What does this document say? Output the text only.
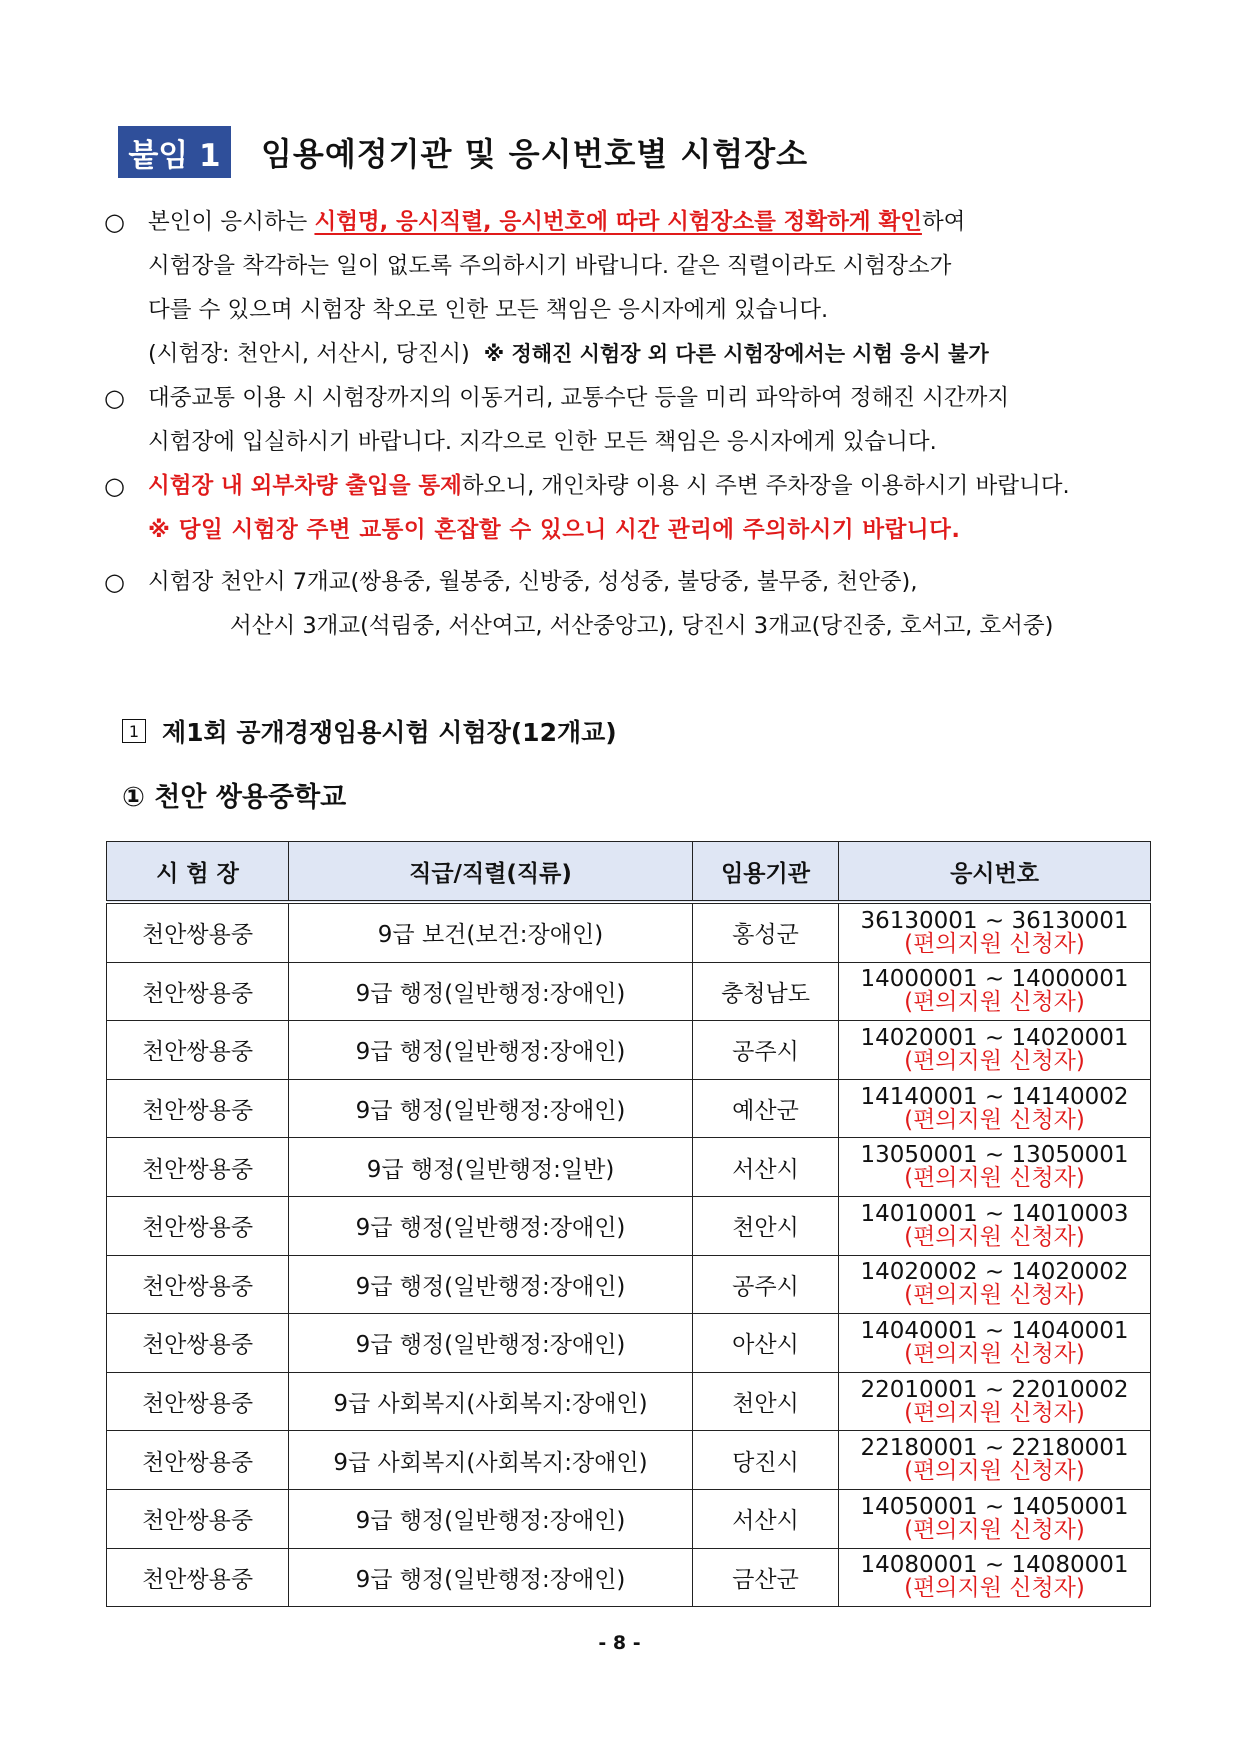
붙임 1	임용예정기관 및 응시번호별 시험장소
○ 본인이 응시하는 시험명, 응시직렬, 응시번호에 따라 시험장소를 정확하게 확인하여
시험장을 착각하는 일이 없도록 주의하시기 바랍니다. 같은 직렬이라도 시험장소가
다를 수 있으며 시험장 착오로 인한 모든 책임은 응시자에게 있습니다.
(시험장: 천안시, 서산시, 당진시) ※ 정해진 시험장 외 다른 시험장에서는 시험 응시 불가
○ 대중교통 이용 시 시험장까지의 이동거리, 교통수단 등을 미리 파악하여 정해진 시간까지
시험장에 입실하시기 바랍니다. 지각으로 인한 모든 책임은 응시자에게 있습니다.
○ 시험장 내 외부차량 출입을 통제하오니, 개인차량 이용 시 주변 주차장을 이용하시기 바랍니다.
※ 당일 시험장 주변 교통이 혼잡할 수 있으니 시간 관리에 주의하시기 바랍니다.
○ 시험장 천안시 7개교(쌍용중, 월봉중, 신방중, 성성중, 불당중, 불무중, 천안중),
서산시 3개교(석림중, 서산여고, 서산중앙고), 당진시 3개교(당진중, 호서고, 호서중)
1 제1회 공개경쟁임용시험 시험장(12개교)
① 천안 쌍용중학교
시 험 장	직급/직렬(직류)	임용기관	응시번호
천안쌍용중	9급 보건(보건:장애인)	홍성군	36130001 ~ 36130001
(편의지원 신청자)

천안쌍용중	9급 행정(일반행정:장애인)	충청남도	14000001 ~ 14000001
(편의지원 신청자)

천안쌍용중	9급 행정(일반행정:장애인)	공주시	14020001 ~ 14020001
(편의지원 신청자)

천안쌍용중	9급 행정(일반행정:장애인)	예산군	14140001 ~ 14140002
(편의지원 신청자)

천안쌍용중	9급 행정(일반행정:일반)	서산시	13050001 ~ 13050001
(편의지원 신청자)

천안쌍용중	9급 행정(일반행정:장애인)	천안시	14010001 ~ 14010003
(편의지원 신청자)

천안쌍용중	9급 행정(일반행정:장애인)	공주시	14020002 ~ 14020002
(편의지원 신청자)

천안쌍용중	9급 행정(일반행정:장애인)	아산시	14040001 ~ 14040001
(편의지원 신청자)

천안쌍용중	9급 사회복지(사회복지:장애인)	천안시	22010001 ~ 22010002
(편의지원 신청자)

천안쌍용중	9급 사회복지(사회복지:장애인)	당진시	22180001 ~ 22180001
(편의지원 신청자)

천안쌍용중	9급 행정(일반행정:장애인)	서산시	14050001 ~ 14050001
(편의지원 신청자)

천안쌍용중	9급 행정(일반행정:장애인)	금산군	14080001 ~ 14080001
(편의지원 신청자)
- 8 -
